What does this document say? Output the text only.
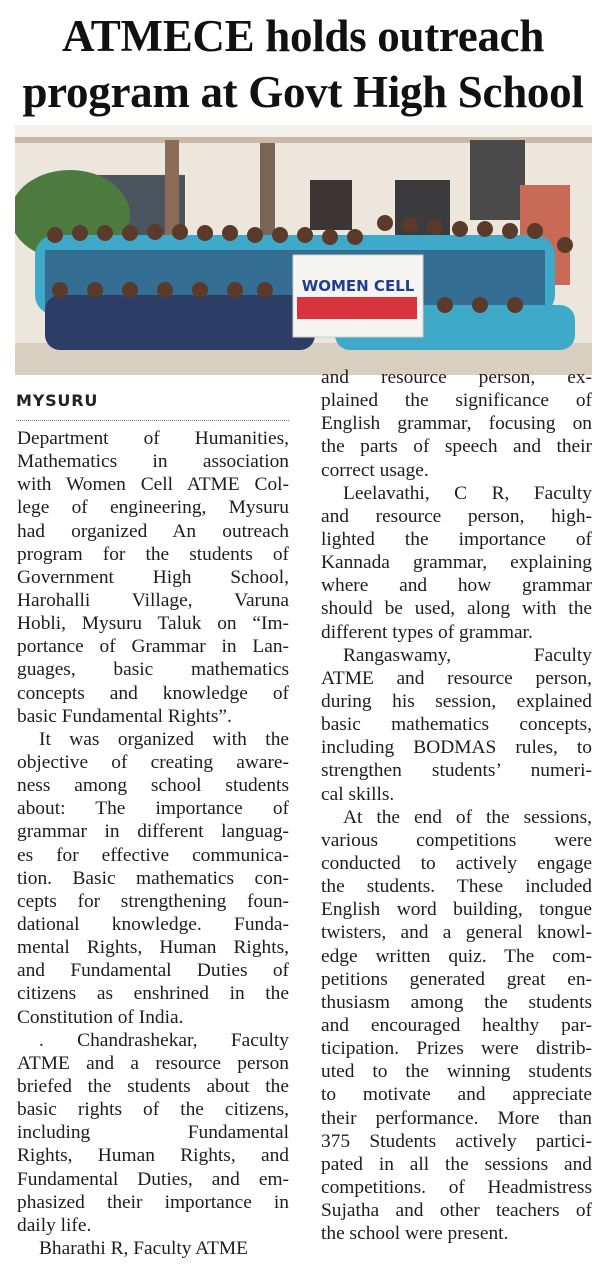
ATMECE holds outreach
program at Govt High School
WOMEN CELL
MYSURU
Department of Humanities,
Mathematics in association
with Women Cell ATME Col-
lege of engineering, Mysuru
had organized An outreach
program for the students of
Government High School,
Harohalli Village, Varuna
Hobli, Mysuru Taluk on “Im-
portance of Grammar in Lan-
guages, basic mathematics
concepts and knowledge of
basic Fundamental Rights”.
It was organized with the
objective of creating aware-
ness among school students
about: The importance of
grammar in different languag-
es for effective communica-
tion. Basic mathematics con-
cepts for strengthening foun-
dational knowledge. Funda-
mental Rights, Human Rights,
and Fundamental Duties of
citizens as enshrined in the
Constitution of India.
. Chandrashekar, Faculty
ATME and a resource person
briefed the students about the
basic rights of the citizens,
including Fundamental
Rights, Human Rights, and
Fundamental Duties, and em-
phasized their importance in
daily life.
Bharathi R, Faculty ATME
and resource person, ex-
plained the significance of
English grammar, focusing on
the parts of speech and their
correct usage.
Leelavathi, C R, Faculty
and resource person, high-
lighted the importance of
Kannada grammar, explaining
where and how grammar
should be used, along with the
different types of grammar.
Rangaswamy, Faculty
ATME and resource person,
during his session, explained
basic mathematics concepts,
including BODMAS rules, to
strengthen students’ numeri-
cal skills.
At the end of the sessions,
various competitions were
conducted to actively engage
the students. These included
English word building, tongue
twisters, and a general knowl-
edge written quiz. The com-
petitions generated great en-
thusiasm among the students
and encouraged healthy par-
ticipation. Prizes were distrib-
uted to the winning students
to motivate and appreciate
their performance. More than
375 Students actively partici-
pated in all the sessions and
competitions. of Headmistress
Sujatha and other teachers of
the school were present.
